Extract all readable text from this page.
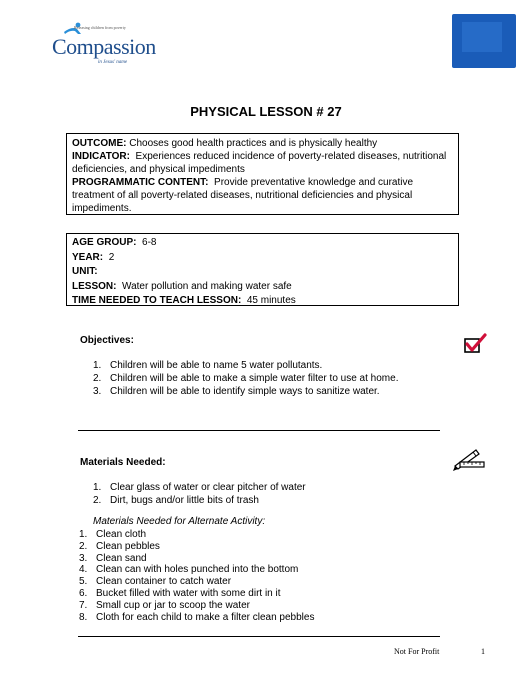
Releasing children from poverty
Compassion
in Jesus' name
PHYSICAL LESSON # 27

OUTCOME: Chooses good health practices and is physically healthy

INDICATOR: Experiences reduced incidence of poverty-related diseases, nutritional deficiencies, and physical impediments

PROGRAMMATIC CONTENT: Provide preventative knowledge and curative treatment of all poverty-related diseases, nutritional deficiencies and physical impediments.

AGE GROUP: 6-8

YEAR: 2

UNIT:

LESSON: Water pollution and making water safe

TIME NEEDED TO TEACH LESSON: 45 minutes

Objectives:
1. Children will be able to name 5 water pollutants.
2. Children will be able to make a simple water filter to use at home.
3. Children will be able to identify simple ways to sanitize water.
Materials Needed:
1. Clear glass of water or clear pitcher of water
2. Dirt, bugs and/or little bits of trash
Materials Needed for Alternate Activity:
1. Clean cloth
2. Clean pebbles
3. Clean sand
4. Clean can with holes punched into the bottom
5. Clean container to catch water
6. Bucket filled with water with some dirt in it
7. Small cup or jar to scoop the water
8. Cloth for each child to make a filter clean pebbles
Not For Profit	1
